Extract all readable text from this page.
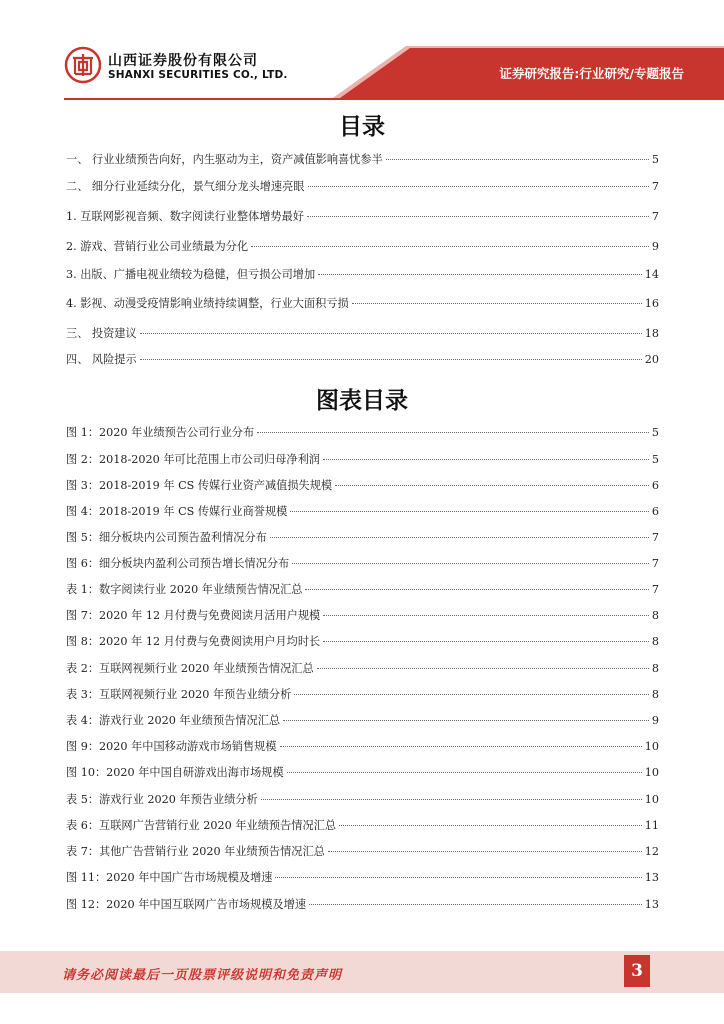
山西证券股份有限公司
SHANXI SECURITIES CO., LTD.	证券研究报告:行业研究/专题报告
目录
一、 行业业绩预告向好，内生驱动为主，资产减值影响喜忧参半	5
二、 细分行业延续分化，景气细分龙头增速亮眼	7
1. 互联网影视音频、数字阅读行业整体增势最好	7
2. 游戏、营销行业公司业绩最为分化	9
3. 出版、广播电视业绩较为稳健，但亏损公司增加	14
4. 影视、动漫受疫情影响业绩持续调整，行业大面积亏损	16
三、 投资建议	18
四、 风险提示	20
图表目录
图 1：2020 年业绩预告公司行业分布	5
图 2：2018-2020 年可比范围上市公司归母净利润	5
图 3：2018-2019 年 CS 传媒行业资产减值损失规模	6
图 4：2018-2019 年 CS 传媒行业商誉规模	6
图 5：细分板块内公司预告盈利情况分布	7
图 6：细分板块内盈利公司预告增长情况分布	7
表 1：数字阅读行业 2020 年业绩预告情况汇总	7
图 7：2020 年 12 月付费与免费阅读月活用户规模	8
图 8：2020 年 12 月付费与免费阅读用户月均时长	8
表 2：互联网视频行业 2020 年业绩预告情况汇总	8
表 3：互联网视频行业 2020 年预告业绩分析	8
表 4：游戏行业 2020 年业绩预告情况汇总	9
图 9：2020 年中国移动游戏市场销售规模	10
图 10：2020 年中国自研游戏出海市场规模	10
表 5：游戏行业 2020 年预告业绩分析	10
表 6：互联网广告营销行业 2020 年业绩预告情况汇总	11
表 7：其他广告营销行业 2020 年业绩预告情况汇总	12
图 11：2020 年中国广告市场规模及增速	13
图 12：2020 年中国互联网广告市场规模及增速	13
请务必阅读最后一页股票评级说明和免责声明	3
